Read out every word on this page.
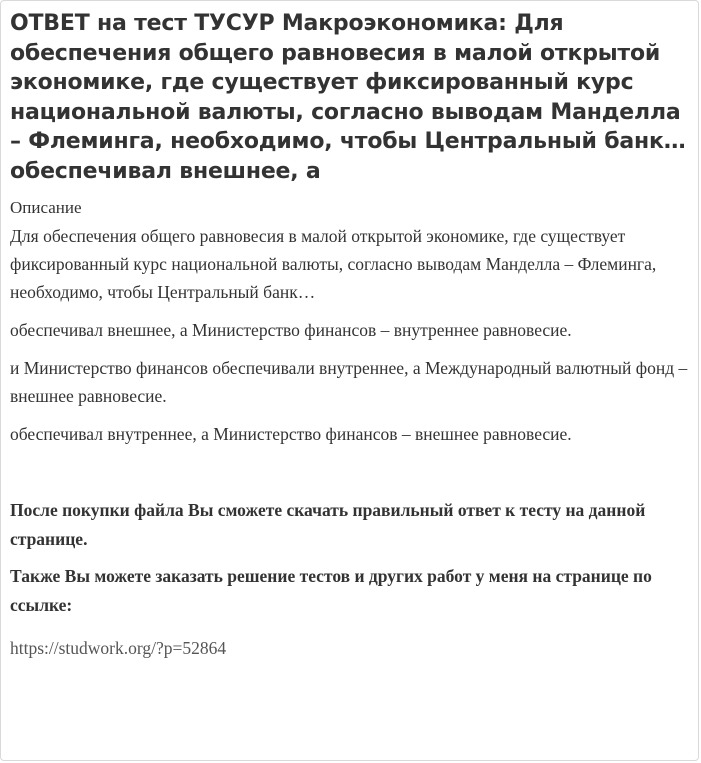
ОТВЕТ на тест ТУСУР Макроэкономика: Для обеспечения общего равновесия в малой открытой экономике, где существует фиксированный курс национальной валюты, согласно выводам Манделла – Флеминга, необходимо, чтобы Центральный банк… обеспечивал внешнее, а
Описание

Для обеспечения общего равновесия в малой открытой экономике, где существует фиксированный курс национальной валюты, согласно выводам Манделла – Флеминга, необходимо, чтобы Центральный банк…

обеспечивал внешнее, а Министерство финансов – внутреннее равновесие.

и Министерство финансов обеспечивали внутреннее, а Международный валютный фонд – внешнее равновесие.

обеспечивал внутреннее, а Министерство финансов – внешнее равновесие.

После покупки файла Вы сможете скачать правильный ответ к тесту на данной странице.

Также Вы можете заказать решение тестов и других работ у меня на странице по ссылке:

https://studwork.org/?p=52864
